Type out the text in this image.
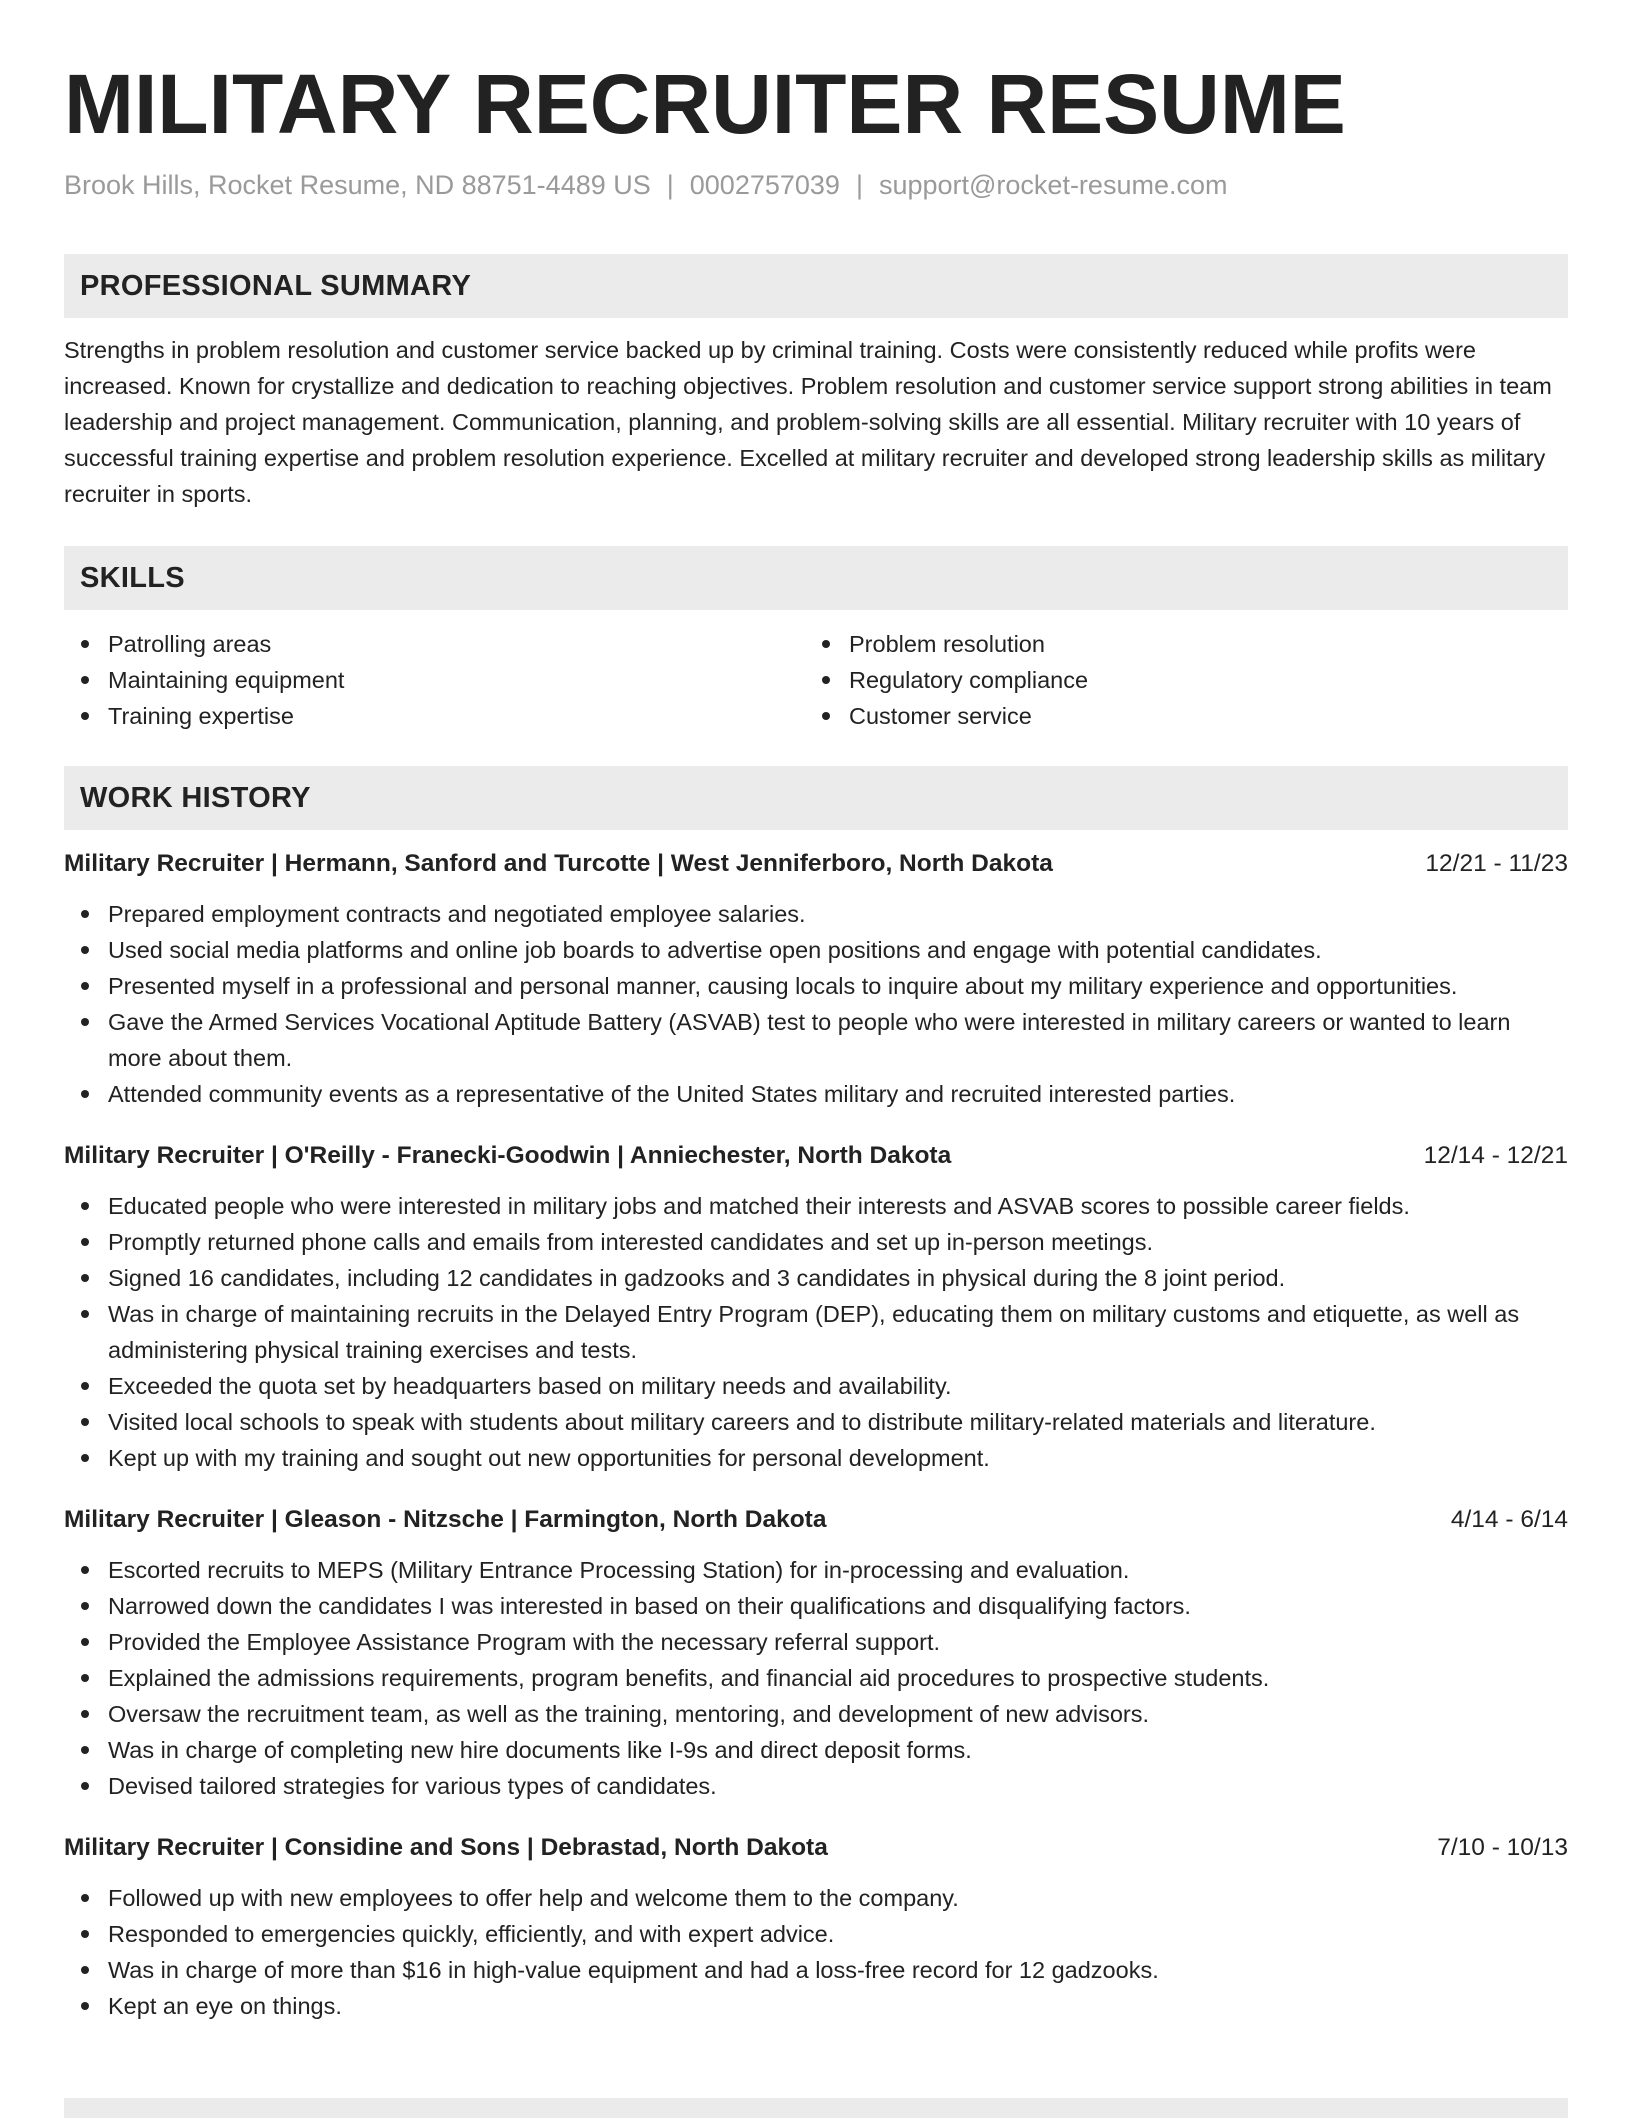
MILITARY RECRUITER RESUME
Brook Hills, Rocket Resume, ND 88751-4489 US | 0002757039 | support@rocket-resume.com
PROFESSIONAL SUMMARY

Strengths in problem resolution and customer service backed up by criminal training. Costs were consistently reduced while profits were increased. Known for crystallize and dedication to reaching objectives. Problem resolution and customer service support strong abilities in team leadership and project management. Communication, planning, and problem-solving skills are all essential. Military recruiter with 10 years of successful training expertise and problem resolution experience. Excelled at military recruiter and developed strong leadership skills as military recruiter in sports.

SKILLS
Patrolling areas
Maintaining equipment
Training expertise
Problem resolution
Regulatory compliance
Customer service
WORK HISTORY
Military Recruiter | Hermann, Sanford and Turcotte | West Jenniferboro, North Dakota	12/21 - 11/23
Prepared employment contracts and negotiated employee salaries.
Used social media platforms and online job boards to advertise open positions and engage with potential candidates.
Presented myself in a professional and personal manner, causing locals to inquire about my military experience and opportunities.
Gave the Armed Services Vocational Aptitude Battery (ASVAB) test to people who were interested in military careers or wanted to learn more about them.
Attended community events as a representative of the United States military and recruited interested parties.
Military Recruiter | O'Reilly - Franecki-Goodwin | Anniechester, North Dakota	12/14 - 12/21
Educated people who were interested in military jobs and matched their interests and ASVAB scores to possible career fields.
Promptly returned phone calls and emails from interested candidates and set up in-person meetings.
Signed 16 candidates, including 12 candidates in gadzooks and 3 candidates in physical during the 8 joint period.
Was in charge of maintaining recruits in the Delayed Entry Program (DEP), educating them on military customs and etiquette, as well as administering physical training exercises and tests.
Exceeded the quota set by headquarters based on military needs and availability.
Visited local schools to speak with students about military careers and to distribute military-related materials and literature.
Kept up with my training and sought out new opportunities for personal development.
Military Recruiter | Gleason - Nitzsche | Farmington, North Dakota	4/14 - 6/14
Escorted recruits to MEPS (Military Entrance Processing Station) for in-processing and evaluation.
Narrowed down the candidates I was interested in based on their qualifications and disqualifying factors.
Provided the Employee Assistance Program with the necessary referral support.
Explained the admissions requirements, program benefits, and financial aid procedures to prospective students.
Oversaw the recruitment team, as well as the training, mentoring, and development of new advisors.
Was in charge of completing new hire documents like I-9s and direct deposit forms.
Devised tailored strategies for various types of candidates.
Military Recruiter | Considine and Sons | Debrastad, North Dakota	7/10 - 10/13
Followed up with new employees to offer help and welcome them to the company.
Responded to emergencies quickly, efficiently, and with expert advice.
Was in charge of more than $16 in high-value equipment and had a loss-free record for 12 gadzooks.
Kept an eye on things.
